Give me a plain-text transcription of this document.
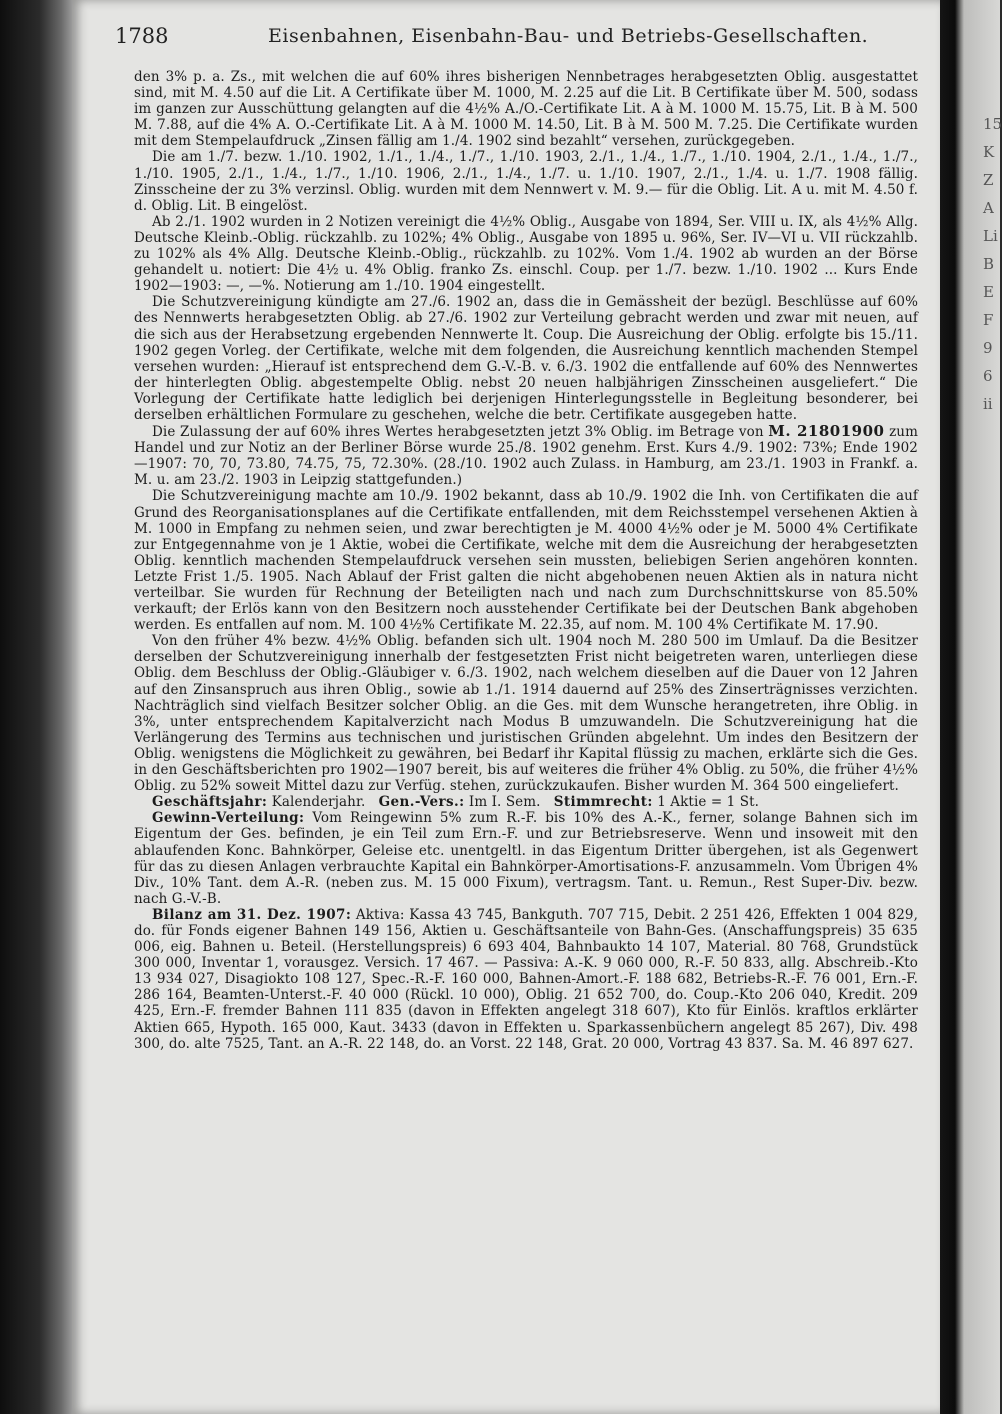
15 K Z A Li B E F 9 6 ii
1788	Eisenbahnen, Eisenbahn-Bau- und Betriebs-Gesellschaften.

den 3% p. a. Zs., mit welchen die auf 60% ihres bisherigen Nennbetrages herabgesetzten Oblig. ausgestattet sind, mit M. 4.50 auf die Lit. A Certifikate über M. 1000, M. 2.25 auf die Lit. B Certifikate über M. 500, sodass im ganzen zur Ausschüttung gelangten auf die 4½% A./O.-Certifikate Lit. A à M. 1000 M. 15.75, Lit. B à M. 500 M. 7.88, auf die 4% A. O.-Certifikate Lit. A à M. 1000 M. 14.50, Lit. B à M. 500 M. 7.25. Die Certifikate wurden mit dem Stempelaufdruck „Zinsen fällig am 1./4. 1902 sind bezahlt“ versehen, zurückgegeben.

Die am 1./7. bezw. 1./10. 1902, 1./1., 1./4., 1./7., 1./10. 1903, 2./1., 1./4., 1./7., 1./10. 1904, 2./1., 1./4., 1./7., 1./10. 1905, 2./1., 1./4., 1./7., 1./10. 1906, 2./1., 1./4., 1./7. u. 1./10. 1907, 2./1., 1./4. u. 1./7. 1908 fällig. Zinsscheine der zu 3% verzinsl. Oblig. wurden mit dem Nennwert v. M. 9.— für die Oblig. Lit. A u. mit M. 4.50 f. d. Oblig. Lit. B eingelöst.

Ab 2./1. 1902 wurden in 2 Notizen vereinigt die 4½% Oblig., Ausgabe von 1894, Ser. VIII u. IX, als 4½% Allg. Deutsche Kleinb.-Oblig. rückzahlb. zu 102%; 4% Oblig., Ausgabe von 1895 u. 96%, Ser. IV—VI u. VII rückzahlb. zu 102% als 4% Allg. Deutsche Kleinb.-Oblig., rückzahlb. zu 102%. Vom 1./4. 1902 ab wurden an der Börse gehandelt u. notiert: Die 4½ u. 4% Oblig. franko Zs. einschl. Coup. per 1./7. bezw. 1./10. 1902 ... Kurs Ende 1902—1903: —, —%. Notierung am 1./10. 1904 eingestellt.

Die Schutzvereinigung kündigte am 27./6. 1902 an, dass die in Gemässheit der bezügl. Beschlüsse auf 60% des Nennwerts herabgesetzten Oblig. ab 27./6. 1902 zur Verteilung gebracht werden und zwar mit neuen, auf die sich aus der Herabsetzung ergebenden Nennwerte lt. Coup. Die Ausreichung der Oblig. erfolgte bis 15./11. 1902 gegen Vorleg. der Certifikate, welche mit dem folgenden, die Ausreichung kenntlich machenden Stempel versehen wurden: „Hierauf ist entsprechend dem G.-V.-B. v. 6./3. 1902 die entfallende auf 60% des Nennwertes der hinterlegten Oblig. abgestempelte Oblig. nebst 20 neuen halbjährigen Zinsscheinen ausgeliefert.“ Die Vorlegung der Certifikate hatte lediglich bei derjenigen Hinterlegungsstelle in Begleitung besonderer, bei derselben erhältlichen Formulare zu geschehen, welche die betr. Certifikate ausgegeben hatte.

Die Zulassung der auf 60% ihres Wertes herabgesetzten jetzt 3% Oblig. im Betrage von M. 21801900 zum Handel und zur Notiz an der Berliner Börse wurde 25./8. 1902 genehm. Erst. Kurs 4./9. 1902: 73%; Ende 1902—1907: 70, 70, 73.80, 74.75, 75, 72.30%. (28./10. 1902 auch Zulass. in Hamburg, am 23./1. 1903 in Frankf. a. M. u. am 23./2. 1903 in Leipzig stattgefunden.)

Die Schutzvereinigung machte am 10./9. 1902 bekannt, dass ab 10./9. 1902 die Inh. von Certifikaten die auf Grund des Reorganisationsplanes auf die Certifikate entfallenden, mit dem Reichsstempel versehenen Aktien à M. 1000 in Empfang zu nehmen seien, und zwar berechtigten je M. 4000 4½% oder je M. 5000 4% Certifikate zur Entgegennahme von je 1 Aktie, wobei die Certifikate, welche mit dem die Ausreichung der herabgesetzten Oblig. kenntlich machenden Stempelaufdruck versehen sein mussten, beliebigen Serien angehören konnten. Letzte Frist 1./5. 1905. Nach Ablauf der Frist galten die nicht abgehobenen neuen Aktien als in natura nicht verteilbar. Sie wurden für Rechnung der Beteiligten nach und nach zum Durchschnittskurse von 85.50% verkauft; der Erlös kann von den Besitzern noch ausstehender Certifikate bei der Deutschen Bank abgehoben werden. Es entfallen auf nom. M. 100 4½% Certifikate M. 22.35, auf nom. M. 100 4% Certifikate M. 17.90.

Von den früher 4% bezw. 4½% Oblig. befanden sich ult. 1904 noch M. 280 500 im Umlauf. Da die Besitzer derselben der Schutzvereinigung innerhalb der festgesetzten Frist nicht beigetreten waren, unterliegen diese Oblig. dem Beschluss der Oblig.-Gläubiger v. 6./3. 1902, nach welchem dieselben auf die Dauer von 12 Jahren auf den Zinsanspruch aus ihren Oblig., sowie ab 1./1. 1914 dauernd auf 25% des Zinserträgnisses verzichten. Nachträglich sind vielfach Besitzer solcher Oblig. an die Ges. mit dem Wunsche herangetreten, ihre Oblig. in 3%, unter entsprechendem Kapitalverzicht nach Modus B umzuwandeln. Die Schutzvereinigung hat die Verlängerung des Termins aus technischen und juristischen Gründen abgelehnt. Um indes den Besitzern der Oblig. wenigstens die Möglichkeit zu gewähren, bei Bedarf ihr Kapital flüssig zu machen, erklärte sich die Ges. in den Geschäftsberichten pro 1902—1907 bereit, bis auf weiteres die früher 4% Oblig. zu 50%, die früher 4½% Oblig. zu 52% soweit Mittel dazu zur Verfüg. stehen, zurückzukaufen. Bisher wurden M. 364 500 eingeliefert.

Geschäftsjahr: Kalenderjahr. Gen.-Vers.: Im I. Sem. Stimmrecht: 1 Aktie = 1 St.

Gewinn-Verteilung: Vom Reingewinn 5% zum R.-F. bis 10% des A.-K., ferner, solange Bahnen sich im Eigentum der Ges. befinden, je ein Teil zum Ern.-F. und zur Betriebsreserve. Wenn und insoweit mit den ablaufenden Konc. Bahnkörper, Geleise etc. unentgeltl. in das Eigentum Dritter übergehen, ist als Gegenwert für das zu diesen Anlagen verbrauchte Kapital ein Bahnkörper-Amortisations-F. anzusammeln. Vom Übrigen 4% Div., 10% Tant. dem A.-R. (neben zus. M. 15 000 Fixum), vertragsm. Tant. u. Remun., Rest Super-Div. bezw. nach G.-V.-B.

Bilanz am 31. Dez. 1907: Aktiva: Kassa 43 745, Bankguth. 707 715, Debit. 2 251 426, Effekten 1 004 829, do. für Fonds eigener Bahnen 149 156, Aktien u. Geschäftsanteile von Bahn-Ges. (Anschaffungspreis) 35 635 006, eig. Bahnen u. Beteil. (Herstellungspreis) 6 693 404, Bahnbaukto 14 107, Material. 80 768, Grundstück 300 000, Inventar 1, vorausgez. Versich. 17 467. — Passiva: A.-K. 9 060 000, R.-F. 50 833, allg. Abschreib.-Kto 13 934 027, Disagiokto 108 127, Spec.-R.-F. 160 000, Bahnen-Amort.-F. 188 682, Betriebs-R.-F. 76 001, Ern.-F. 286 164, Beamten-Unterst.-F. 40 000 (Rückl. 10 000), Oblig. 21 652 700, do. Coup.-Kto 206 040, Kredit. 209 425, Ern.-F. fremder Bahnen 111 835 (davon in Effekten angelegt 318 607), Kto für Einlös. kraftlos erklärter Aktien 665, Hypoth. 165 000, Kaut. 3433 (davon in Effekten u. Sparkassenbüchern angelegt 85 267), Div. 498 300, do. alte 7525, Tant. an A.-R. 22 148, do. an Vorst. 22 148, Grat. 20 000, Vortrag 43 837. Sa. M. 46 897 627.
